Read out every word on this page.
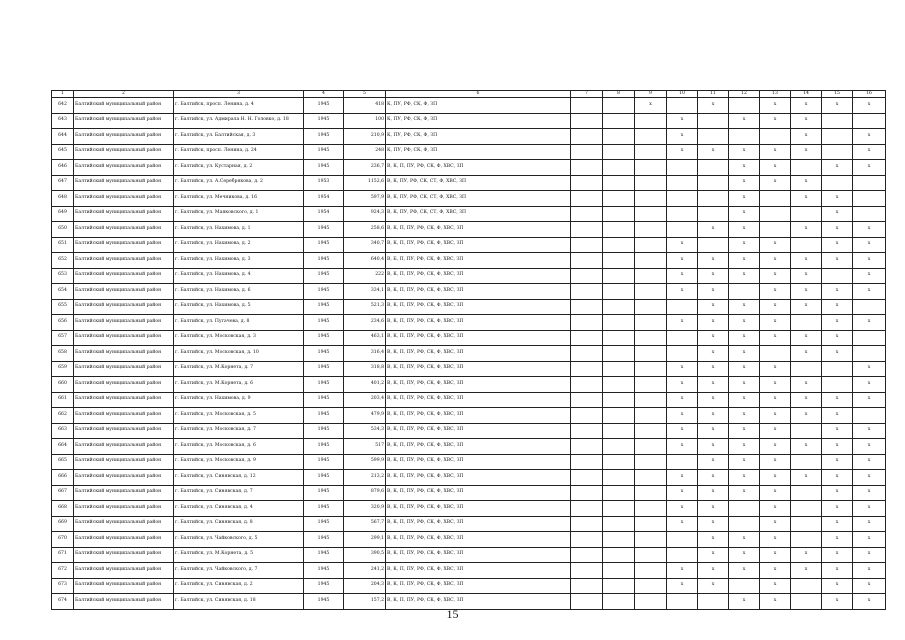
1	2	3	4	5	6	7	8	9	10	11	12	13	14	15	16
642	Балтийский муниципальный район	г. Балтийск, просп. Ленина, д. 4	1945	418	К, ПУ, РФ, СК, Ф, ЗП			x		x		x	x	x	x
643	Балтийский муниципальный район	г. Балтийск, ул. Адмирала Н. Н. Головко, д. 18	1945	100	К, ПУ, РФ, СК, Ф, ЗП				x		x	x	x		
644	Балтийский муниципальный район	г. Балтийск, ул. Балтийская, д. 3	1945	210,9	К, ПУ, РФ, СК, Ф, ЗП				x				x		x
645	Балтийский муниципальный район	г. Балтийск, просп. Ленина, д. 24	1945	248	К, ПУ, РФ, СК, Ф, ЗП				x	x	x	x	x		x
646	Балтийский муниципальный район	г. Балтийск, ул. Кустарная, д. 2	1945	236,7	В, К, П, ПУ, РФ, СК, Ф, ХВС, ЗП						x	x		x	x
647	Балтийский муниципальный район	г. Балтийск, ул. А.Серебрякова, д. 2	1953	1152,6	В, К, ПУ, РФ, СК, СТ, Ф, ХВС, ЗП						x	x	x		
648	Балтийский муниципальный район	г. Балтийск, ул. Мечникова, д. 16	1954	597,9	В, К, ПУ, РФ, СК, СТ, Ф, ХВС, ЗП						x		x	x	
649	Балтийский муниципальный район	г. Балтийск, ул. Маяковского, д. 1	1954	924,3	В, К, ПУ, РФ, СК, СТ, Ф, ХВС, ЗП						x			x	
650	Балтийский муниципальный район	г. Балтийск, ул. Нахимова, д. 1	1945	258,6	В, К, П, ПУ, РФ, СК, Ф, ХВС, ЗП					x	x		x	x	x
651	Балтийский муниципальный район	г. Балтийск, ул. Нахимова, д. 2	1945	340,7	В, К, П, ПУ, РФ, СК, Ф, ХВС, ЗП				x		x	x		x	x
652	Балтийский муниципальный район	г. Балтийск, ул. Нахимова, д. 3	1945	640,4	В, Б, П, ПУ, РФ, СК, Ф, ХВС, ЗП				x	x	x	x	x	x	x
653	Балтийский муниципальный район	г. Балтийск, ул. Нахимова, д. 4	1945	222	В, К, П, ПУ, РФ, СК, Ф, ХВС, ЗП				x	x	x	x	x		x
654	Балтийский муниципальный район	г. Балтийск, ул. Нахимова, д. 6	1945	334,1	В, К, П, ПУ, РФ, СК, Ф, ХВС, ЗП				x	x		x	x	x	x
655	Балтийский муниципальный район	г. Балтийск, ул. Нахимова, д. 5	1945	521,3	В, К, П, ПУ, РФ, СК, Ф, ХВС, ЗП					x	x	x	x	x	
656	Балтийский муниципальный район	г. Балтийск, ул. Пугачева, д. 8	1945	234,6	В, К, П, ПУ, РФ, СК, Ф, ХВС, ЗП				x	x	x	x		x	x
657	Балтийский муниципальный район	г. Балтийск, ул. Московская, д. 3	1945	463,1	В, К, П, ПУ, РФ, СК, Ф, ХВС, ЗП					x	x	x	x	x	
658	Балтийский муниципальный район	г. Балтийск, ул. Московская, д. 10	1945	316,4	В, К, П, ПУ, РФ, СК, Ф, ХВС, ЗП					x	x		x	x	
659	Балтийский муниципальный район	г. Балтийск, ул. М.Корнета, д. 7	1945	318,8	В, К, П, ПУ, РФ, СК, Ф, ХВС, ЗП				x	x	x	x			x
660	Балтийский муниципальный район	г. Балтийск, ул. М.Корнета, д. 6	1945	401,2	В, К, П, ПУ, РФ, СК, Ф, ХВС, ЗП				x	x	x	x	x		x
661	Балтийский муниципальный район	г. Балтийск, ул. Нахимова, д. 9	1945	203,4	В, К, П, ПУ, РФ, СК, Ф, ХВС, ЗП				x	x	x	x	x	x	x
662	Балтийский муниципальный район	г. Балтийск, ул. Московская, д. 5	1945	479,9	В, К, П, ПУ, РФ, СК, Ф, ХВС, ЗП				x	x	x	x	x	x	
663	Балтийский муниципальный район	г. Балтийск, ул. Московская, д. 7	1945	534,3	В, К, П, ПУ, РФ, СК, Ф, ХВС, ЗП				x	x	x	x		x	x
664	Балтийский муниципальный район	г. Балтийск, ул. Московская, д. 6	1945	517	В, К, П, ПУ, РФ, СК, Ф, ХВС, ЗП				x	x	x	x	x	x	x
665	Балтийский муниципальный район	г. Балтийск, ул. Московская, д. 9	1945	599,9	В, К, П, ПУ, РФ, СК, Ф, ХВС, ЗП					x	x	x		x	x
666	Балтийский муниципальный район	г. Балтийск, ул. Синявская, д. 12	1945	213,2	В, К, П, ПУ, РФ, СК, Ф, ХВС, ЗП				x	x	x	x	x	x	x
667	Балтийский муниципальный район	г. Балтийск, ул. Синявская, д. 7	1945	879,6	В, К, П, ПУ, РФ, СК, Ф, ХВС, ЗП				x	x	x	x		x	x
668	Балтийский муниципальный район	г. Балтийск, ул. Синявская, д. 4	1945	320,9	В, К, П, ПУ, РФ, СК, Ф, ХВС, ЗП				x	x		x		x	x
669	Балтийский муниципальный район	г. Балтийск, ул. Синявская, д. 8	1945	567,7	В, К, П, ПУ, РФ, СК, Ф, ХВС, ЗП				x	x		x		x	x
670	Балтийский муниципальный район	г. Балтийск, ул. Чайковского, д. 5	1945	299,1	В, К, П, ПУ, РФ, СК, Ф, ХВС, ЗП					x	x	x		x	x
671	Балтийский муниципальный район	г. Балтийск, ул. М.Корнета, д. 5	1945	390,5	В, К, П, ПУ, РФ, СК, Ф, ХВС, ЗП					x	x	x	x	x	x
672	Балтийский муниципальный район	г. Балтийск, ул. Чайковского, д. 7	1945	241,2	В, К, П, ПУ, РФ, СК, Ф, ХВС, ЗП				x	x	x	x	x	x	x
673	Балтийский муниципальный район	г. Балтийск, ул. Синявская, д. 2	1945	204,3	В, К, П, ПУ, РФ, СК, Ф, ХВС, ЗП				x	x		x		x	x
674	Балтийский муниципальный район	г. Балтийск, ул. Синявская, д. 18	1945	157,2	В, К, П, ПУ, РФ, СК, Ф, ХВС, ЗП						x	x		x	x
15
